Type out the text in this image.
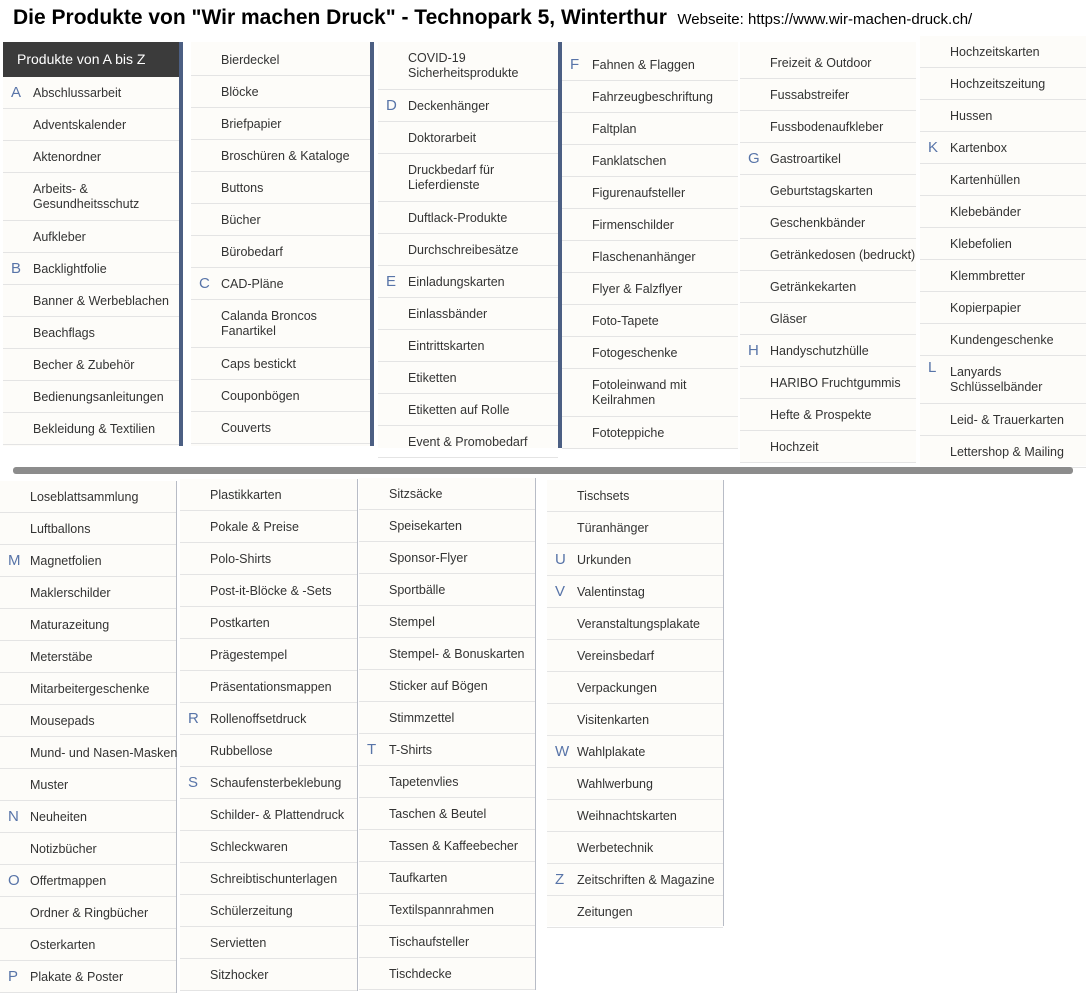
Die Produkte von "Wir machen Druck" - Technopark 5, Winterthur Webseite: https://www.wir-machen-druck.ch/
Produkte von A bis Z
A Abschlussarbeit
Adventskalender
Aktenordner
Arbeits- & Gesundheitsschutz
Aufkleber
B Backlightfolie
Banner & Werbeblachen
Beachflags
Becher & Zubehör
Bedienungsanleitungen
Bekleidung & Textilien
Bierdeckel
Blöcke
Briefpapier
Broschüren & Kataloge
Buttons
Bücher
Bürobedarf
C CAD-Pläne
Calanda Broncos Fanartikel
Caps bestickt
Couponbögen
Couverts
COVID-19 Sicherheitsprodukte
D Deckenhänger
Doktorarbeit
Druckbedarf für Lieferdienste
Duftlack-Produkte
Durchschreibesätze
E Einladungskarten
Einlassbänder
Eintrittskarten
Etiketten
Etiketten auf Rolle
Event & Promobedarf
F	Fahnen & Flaggen
Fahrzeugbeschriftung
Faltplan
Fanklatschen
Figurenaufsteller
Firmenschilder
Flaschenanhänger
Flyer & Falzflyer
Foto-Tapete
Fotogeschenke
Fotoleinwand mit Keilrahmen
Fototeppiche
Freizeit & Outdoor
Fussabstreifer
Fussbodenaufkleber
G Gastroartikel
Geburtstagskarten
Geschenkbänder
Getränkedosen (bedruckt)
Getränkekarten
Gläser
H Handyschutzhülle
HARIBO Fruchtgummis
Hefte & Prospekte
Hochzeit
Hochzeitskarten
Hochzeitszeitung
Hussen
K Kartenbox
Kartenhüllen
Klebebänder
Klebefolien
Klemmbretter
Kopierpapier
Kundengeschenke
L	Lanyards Schlüsselbänder
Leid- & Trauerkarten
Lettershop & Mailing
Loseblattsammlung
Luftballons
M Magnetfolien
Maklerschilder
Maturazeitung
Meterstäbe
Mitarbeitergeschenke
Mousepads
Mund- und Nasen-Masken
Muster
N Neuheiten
Notizbücher
O Offertmappen
Ordner & Ringbücher
Osterkarten
P Plakate & Poster
Plastikkarten
Pokale & Preise
Polo-Shirts
Post-it-Blöcke & -Sets
Postkarten
Prägestempel
Präsentationsmappen
R Rollenoffsetdruck
Rubbellose
S Schaufensterbeklebung
Schilder- & Plattendruck
Schleckwaren
Schreibtischunterlagen
Schülerzeitung
Servietten
Sitzhocker
Sitzsäcke
Speisekarten
Sponsor-Flyer
Sportbälle
Stempel
Stempel- & Bonuskarten
Sticker auf Bögen
Stimmzettel
T	T-Shirts
Tapetenvlies
Taschen & Beutel
Tassen & Kaffeebecher
Taufkarten
Textilspannrahmen
Tischaufsteller
Tischdecke
Tischsets
Türanhänger
U Urkunden
V Valentinstag
Veranstaltungsplakate
Vereinsbedarf
Verpackungen
Visitenkarten
W Wahlplakate
Wahlwerbung
Weihnachtskarten
Werbetechnik
Z	Zeitschriften & Magazine
Zeitungen
